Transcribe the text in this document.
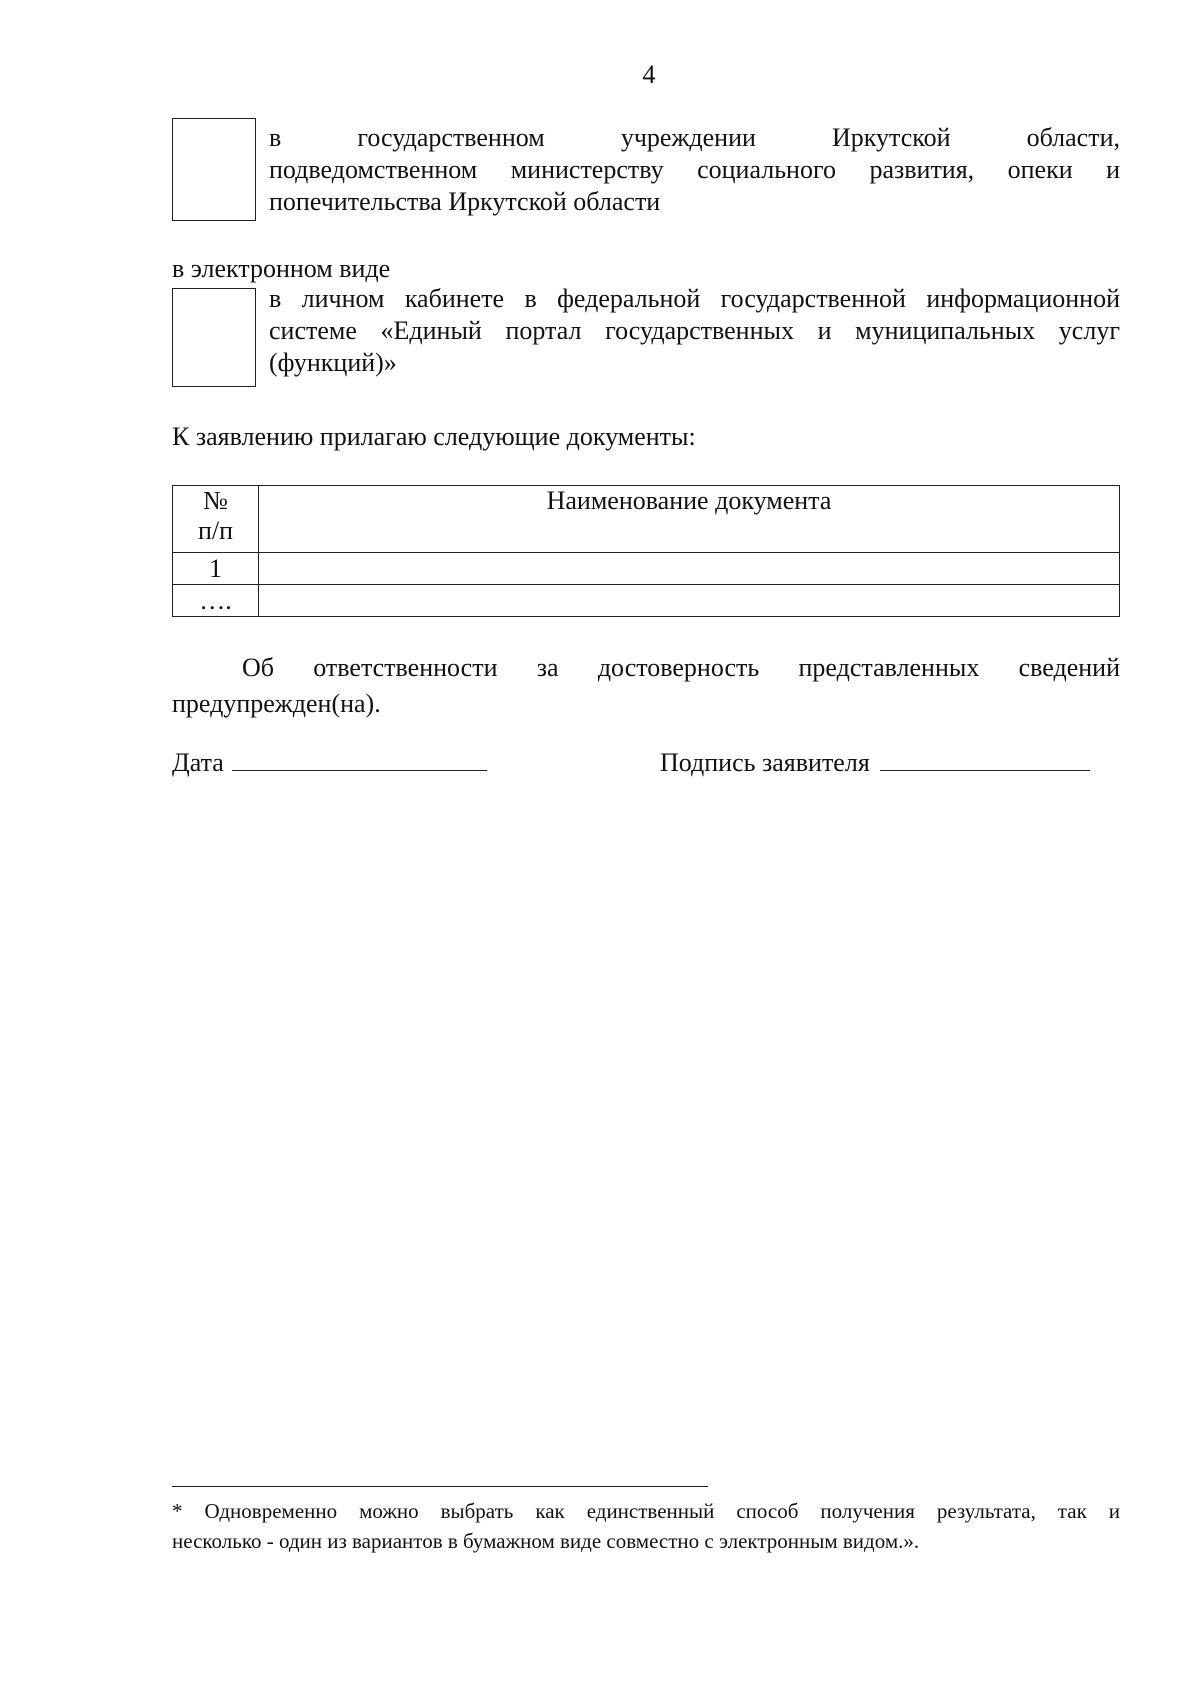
4
в государственном учреждении Иркутской области,
подведомственном министерству социального развития, опеки и
попечительства Иркутской области
в электронном виде
в личном кабинете в федеральной государственной информационной
системе «Единый портал государственных и муниципальных услуг
(функций)»
К заявлению прилагаю следующие документы:
№
п/п	Наименование документа
1	
….	
Об ответственности за достоверность представленных сведений
предупрежден(на).
Дата	Подпись заявителя
* Одновременно можно выбрать как единственный способ получения результата, так и
несколько - один из вариантов в бумажном виде совместно с электронным видом.».
